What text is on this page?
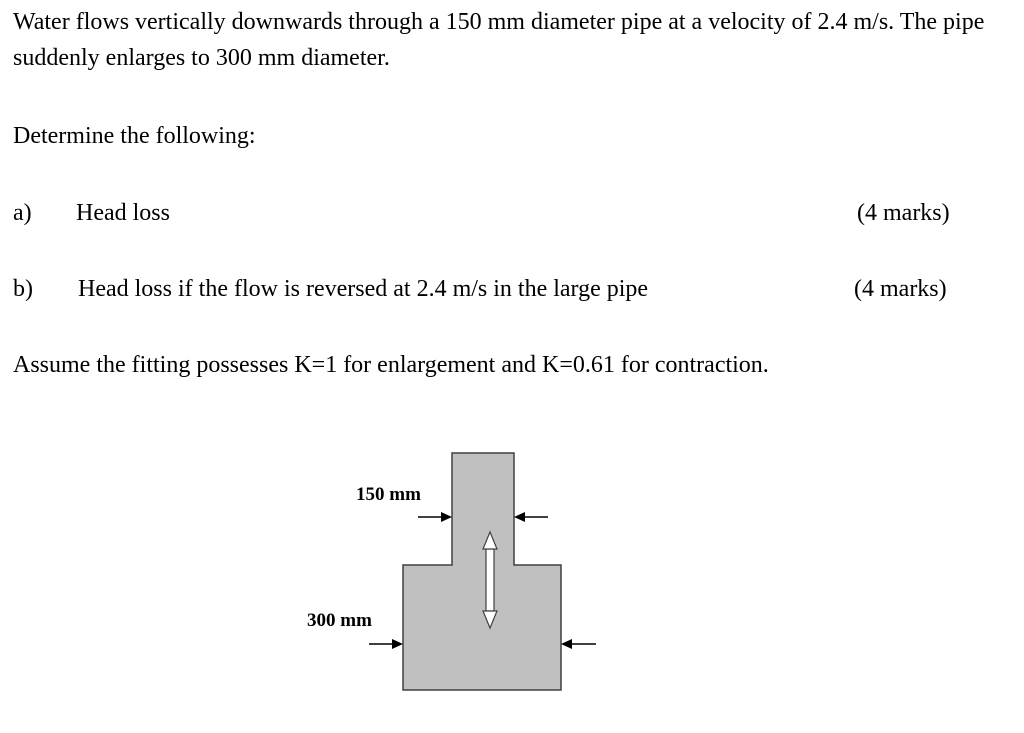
Water flows vertically downwards through a 150 mm diameter pipe at a velocity of 2.4 m/s. The pipe suddenly enlarges to 300 mm diameter.
Determine the following:
a) Head loss	(4 marks)
b) Head loss if the flow is reversed at 2.4 m/s in the large pipe	(4 marks)
Assume the fitting possesses K=1 for enlargement and K=0.61 for contraction.
150 mm
300 mm
